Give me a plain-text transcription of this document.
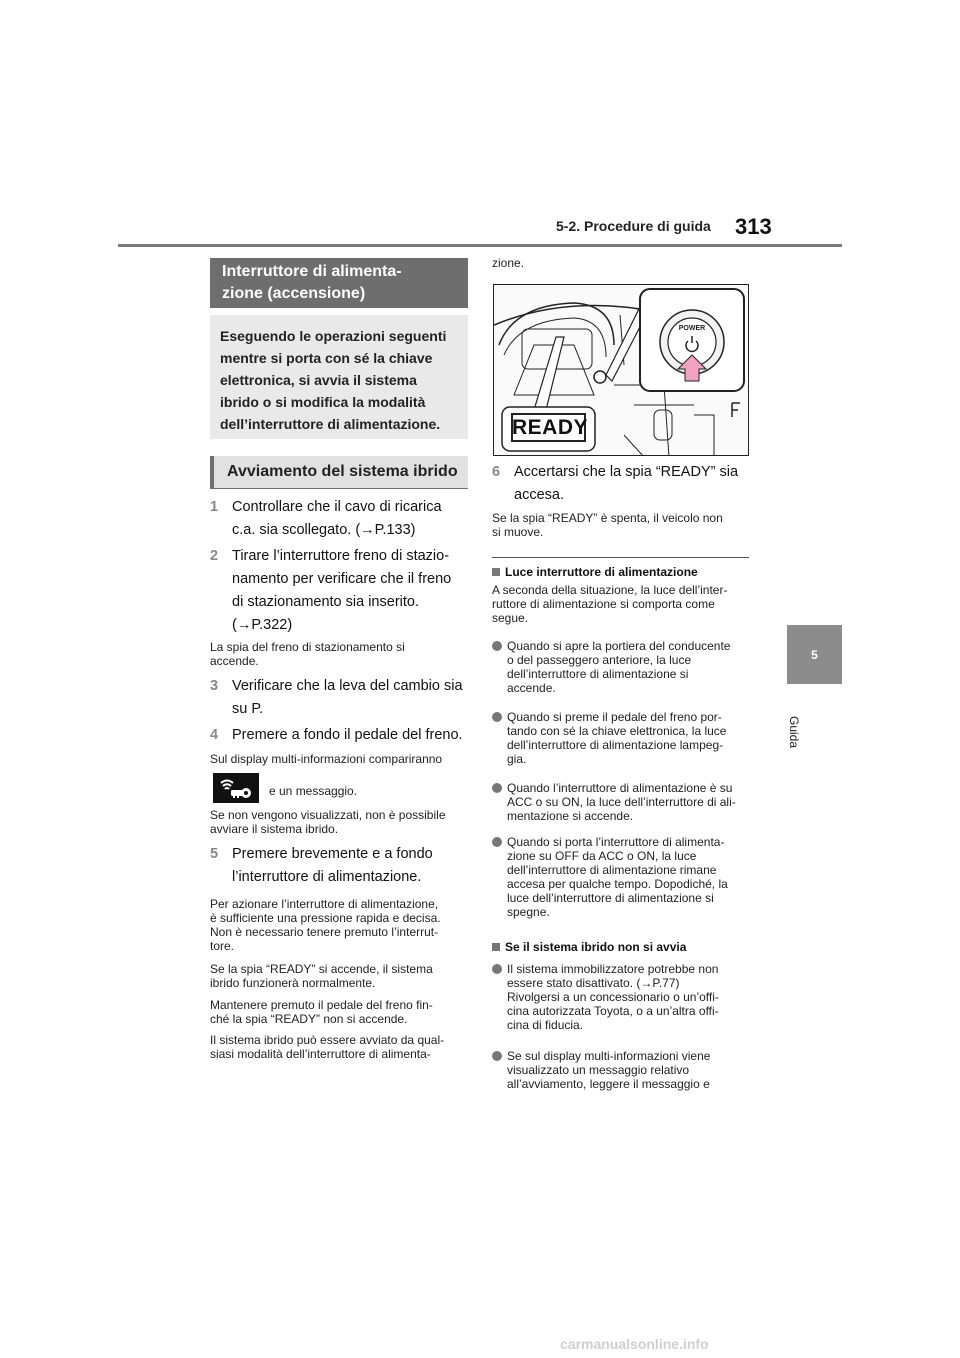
5-2. Procedure di guida 313
5
Guida
Interruttore di alimenta-
zione (accensione)
Eseguendo le operazioni seguenti
mentre si porta con sé la chiave
elettronica, si avvia il sistema
ibrido o si modifica la modalità
dell’interruttore di alimentazione.
Avviamento del sistema ibrido
1 Controllare che il cavo di ricarica
c.a. sia scollegato. (→P.133)
2 Tirare l’interruttore freno di stazio-
namento per verificare che il freno
di stazionamento sia inserito.
(→P.322)
La spia del freno di stazionamento si
accende.
3 Verificare che la leva del cambio sia
su P.
4 Premere a fondo il pedale del freno.
Sul display multi-informazioni compariranno
e un messaggio.
Se non vengono visualizzati, non è possibile
avviare il sistema ibrido.
5 Premere brevemente e a fondo
l’interruttore di alimentazione.
Per azionare l’interruttore di alimentazione,
è sufficiente una pressione rapida e decisa.
Non è necessario tenere premuto l’interrut-
tore.
Se la spia “READY” si accende, il sistema
ibrido funzionerà normalmente.
Mantenere premuto il pedale del freno fin-
ché la spia “READY” non si accende.
Il sistema ibrido può essere avviato da qual-
siasi modalità dell’interruttore di alimenta-
zione.
POWER
READY
6 Accertarsi che la spia “READY” sia
accesa.
Se la spia “READY” è spenta, il veicolo non
si muove.
Luce interruttore di alimentazione
A seconda della situazione, la luce dell’inter-
ruttore di alimentazione si comporta come
segue.
Quando si apre la portiera del conducente
o del passeggero anteriore, la luce
dell’interruttore di alimentazione si
accende.
Quando si preme il pedale del freno por-
tando con sé la chiave elettronica, la luce
dell’interruttore di alimentazione lampeg-
gia.
Quando l’interruttore di alimentazione è su
ACC o su ON, la luce dell’interruttore di ali-
mentazione si accende.
Quando si porta l’interruttore di alimenta-
zione su OFF da ACC o ON, la luce
dell’interruttore di alimentazione rimane
accesa per qualche tempo. Dopodiché, la
luce dell’interruttore di alimentazione si
spegne.
Se il sistema ibrido non si avvia
Il sistema immobilizzatore potrebbe non
essere stato disattivato. (→P.77)
Rivolgersi a un concessionario o un’offi-
cina autorizzata Toyota, o a un’altra offi-
cina di fiducia.
Se sul display multi-informazioni viene
visualizzato un messaggio relativo
all’avviamento, leggere il messaggio e
carmanualsonline.info
